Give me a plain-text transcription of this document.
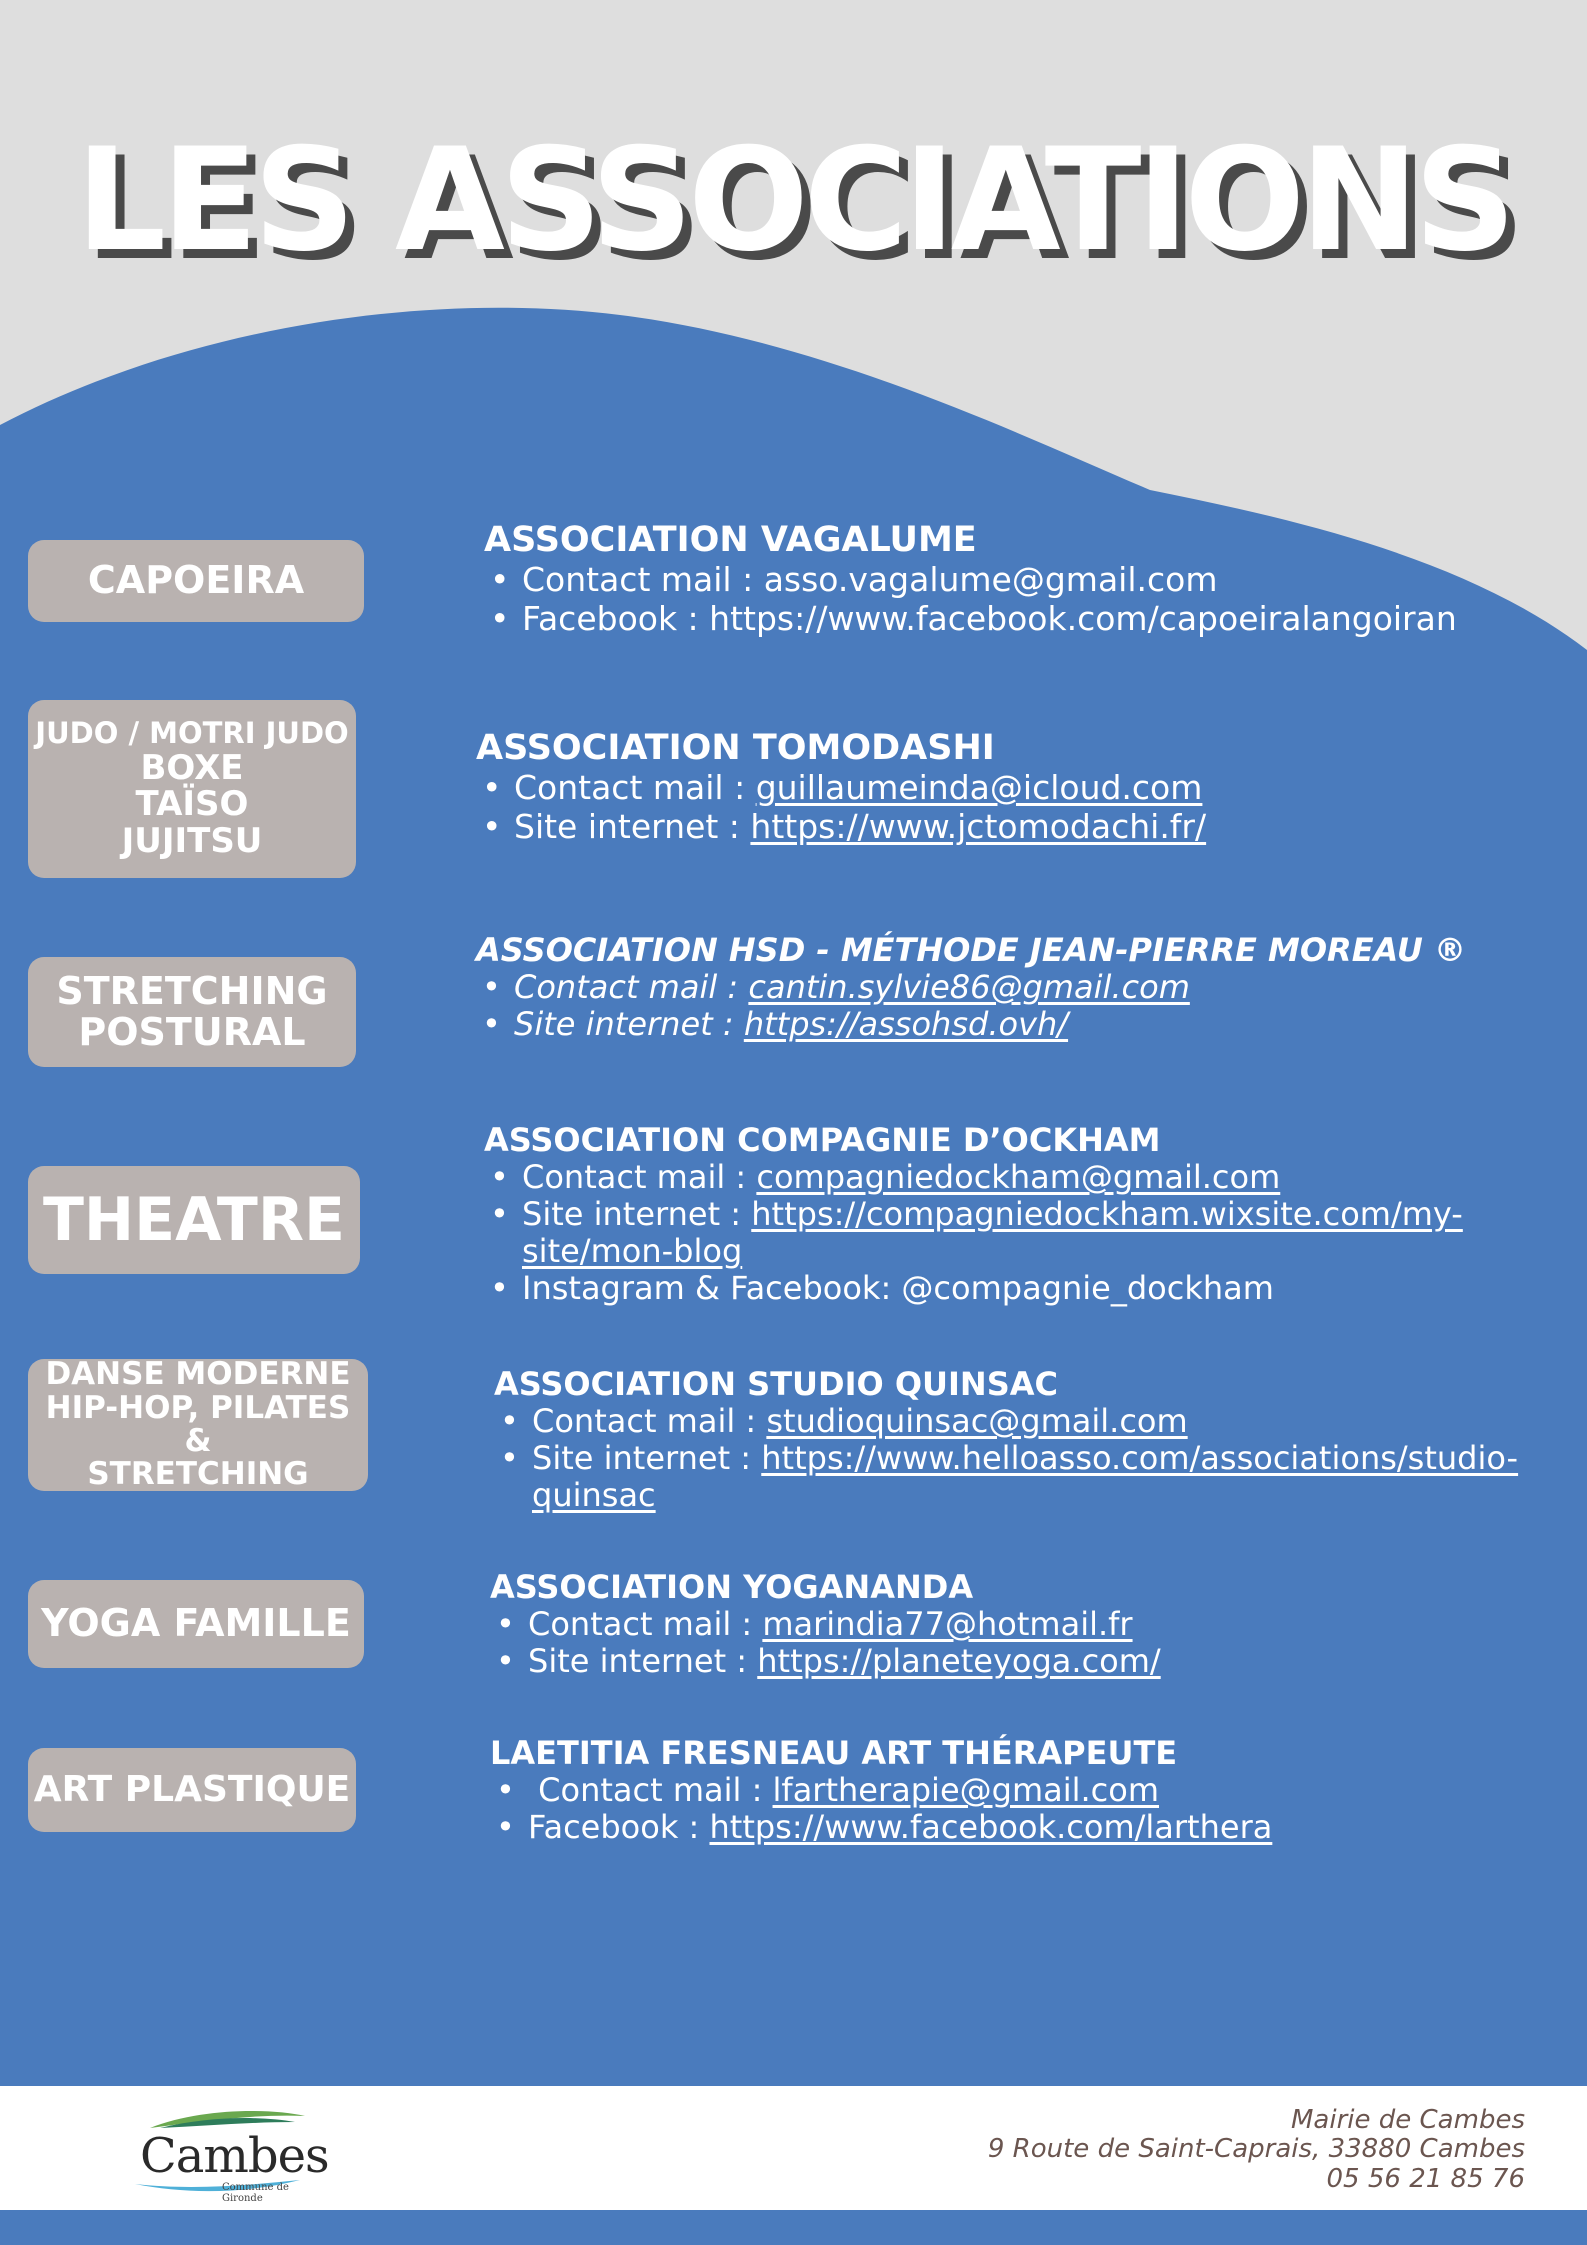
LES ASSOCIATIONS
CAPOEIRA
JUDO / MOTRI JUDO
BOXE
TAÏSO
JUJITSU
STRETCHING
POSTURAL
THEATRE
DANSE MODERNE
HIP-HOP, PILATES &
STRETCHING
YOGA FAMILLE
ART PLASTIQUE
ASSOCIATION VAGALUME
• Contact mail : asso.vagalume@gmail.com
• Facebook : https://www.facebook.com/capoeiralangoiran
ASSOCIATION TOMODASHI
• Contact mail : guillaumeinda@icloud.com
• Site internet : https://www.jctomodachi.fr/
ASSOCIATION HSD - MÉTHODE JEAN-PIERRE MOREAU ®
• Contact mail : cantin.sylvie86@gmail.com
• Site internet : https://assohsd.ovh/
ASSOCIATION COMPAGNIE D’OCKHAM
• Contact mail : compagniedockham@gmail.com
• Site internet : https://compagniedockham.wixsite.com/my-site/mon-blog
• Instagram & Facebook: @compagnie_dockham
ASSOCIATION STUDIO QUINSAC
• Contact mail : studioquinsac@gmail.com
• Site internet : https://www.helloasso.com/associations/studio-quinsac
ASSOCIATION YOGANANDA
• Contact mail : marindia77@hotmail.fr
• Site internet : https://planeteyoga.com/
LAETITIA FRESNEAU ART THÉRAPEUTE
•  Contact mail : lfartherapie@gmail.com
• Facebook : https://www.facebook.com/larthera
Cambes
Commune de Gironde
Mairie de Cambes
9 Route de Saint-Caprais, 33880 Cambes
05 56 21 85 76
